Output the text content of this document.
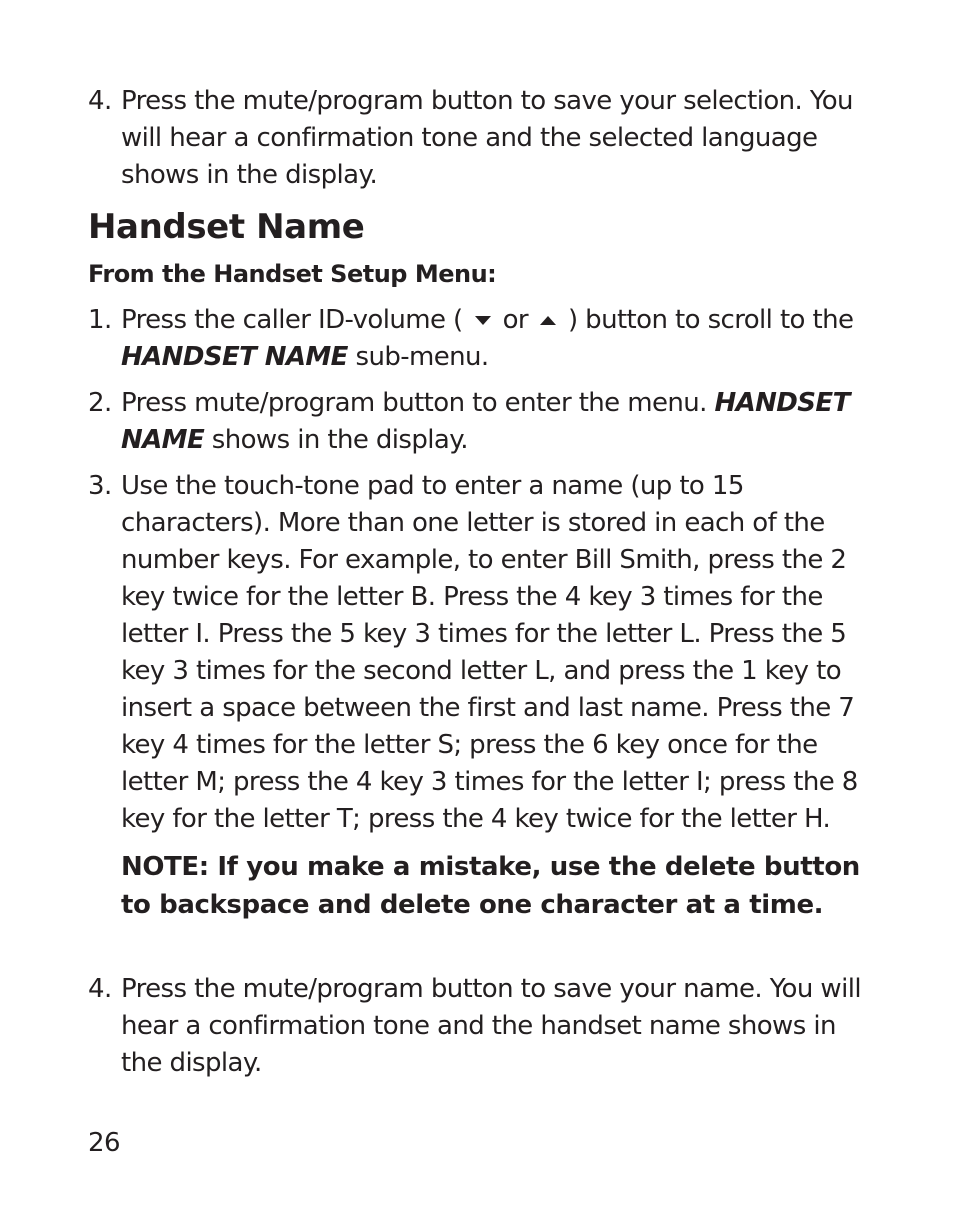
4. Press the mute/program button to save your selection. You will hear a confirmation tone and the selected language shows in the display.
Handset Name
From the Handset Setup Menu:
1. Press the caller ID-volume ( or ) button to scroll to the
HANDSET NAME sub-menu.
2. Press mute/program button to enter the menu. HANDSET NAME shows in the display.
3. Use the touch-tone pad to enter a name (up to 15 characters). More than one letter is stored in each of the number keys. For example, to enter Bill Smith, press the 2 key twice for the letter B. Press the 4 key 3 times for the letter I. Press the 5 key 3 times for the letter L. Press the 5 key 3 times for the second letter L, and press the 1 key to insert a space between the first and last name. Press the 7 key 4 times for the letter S; press the 6 key once for the letter M; press the 4 key 3 times for the letter I; press the 8 key for the letter T; press the 4 key twice for the letter H.
NOTE: If you make a mistake, use the delete button to backspace and delete one character at a time.
4. Press the mute/program button to save your name. You will hear a confirmation tone and the handset name shows in the display.
26
